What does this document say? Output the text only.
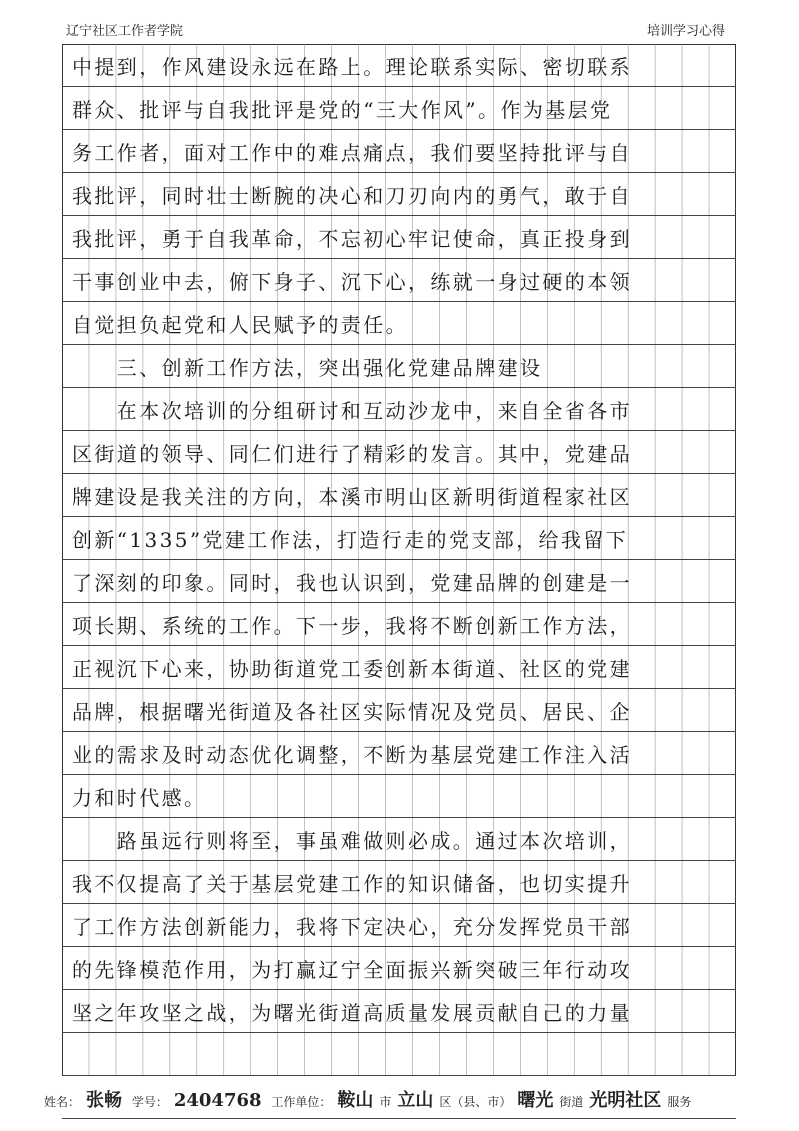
辽宁社区工作者学院	培训学习心得
中提到，作风建设永远在路上。理论联系实际、密切联系
群众、批评与自我批评是党的“三大作风”。作为基层党
务工作者，面对工作中的难点痛点，我们要坚持批评与自
我批评，同时壮士断腕的决心和刀刃向内的勇气，敢于自
我批评，勇于自我革命，不忘初心牢记使命，真正投身到
干事创业中去，俯下身子、沉下心，练就一身过硬的本领
自觉担负起党和人民赋予的责任。
　　三、创新工作方法，突出强化党建品牌建设
　　在本次培训的分组研讨和互动沙龙中，来自全省各市
区街道的领导、同仁们进行了精彩的发言。其中，党建品
牌建设是我关注的方向，本溪市明山区新明街道程家社区
创新“1335”党建工作法，打造行走的党支部，给我留下
了深刻的印象。同时，我也认识到，党建品牌的创建是一
项长期、系统的工作。下一步，我将不断创新工作方法，
正视沉下心来，协助街道党工委创新本街道、社区的党建
品牌，根据曙光街道及各社区实际情况及党员、居民、企
业的需求及时动态优化调整，不断为基层党建工作注入活
力和时代感。
　　路虽远行则将至，事虽难做则必成。通过本次培训，
我不仅提高了关于基层党建工作的知识储备，也切实提升
了工作方法创新能力，我将下定决心，充分发挥党员干部
的先锋模范作用，为打赢辽宁全面振兴新突破三年行动攻
坚之年攻坚之战，为曙光街道高质量发展贡献自己的力量
姓名： 张畅 学号： 2404768 工作单位： 鞍山 市 立山 区（县、市） 曙光 街道 光明社区 服务
